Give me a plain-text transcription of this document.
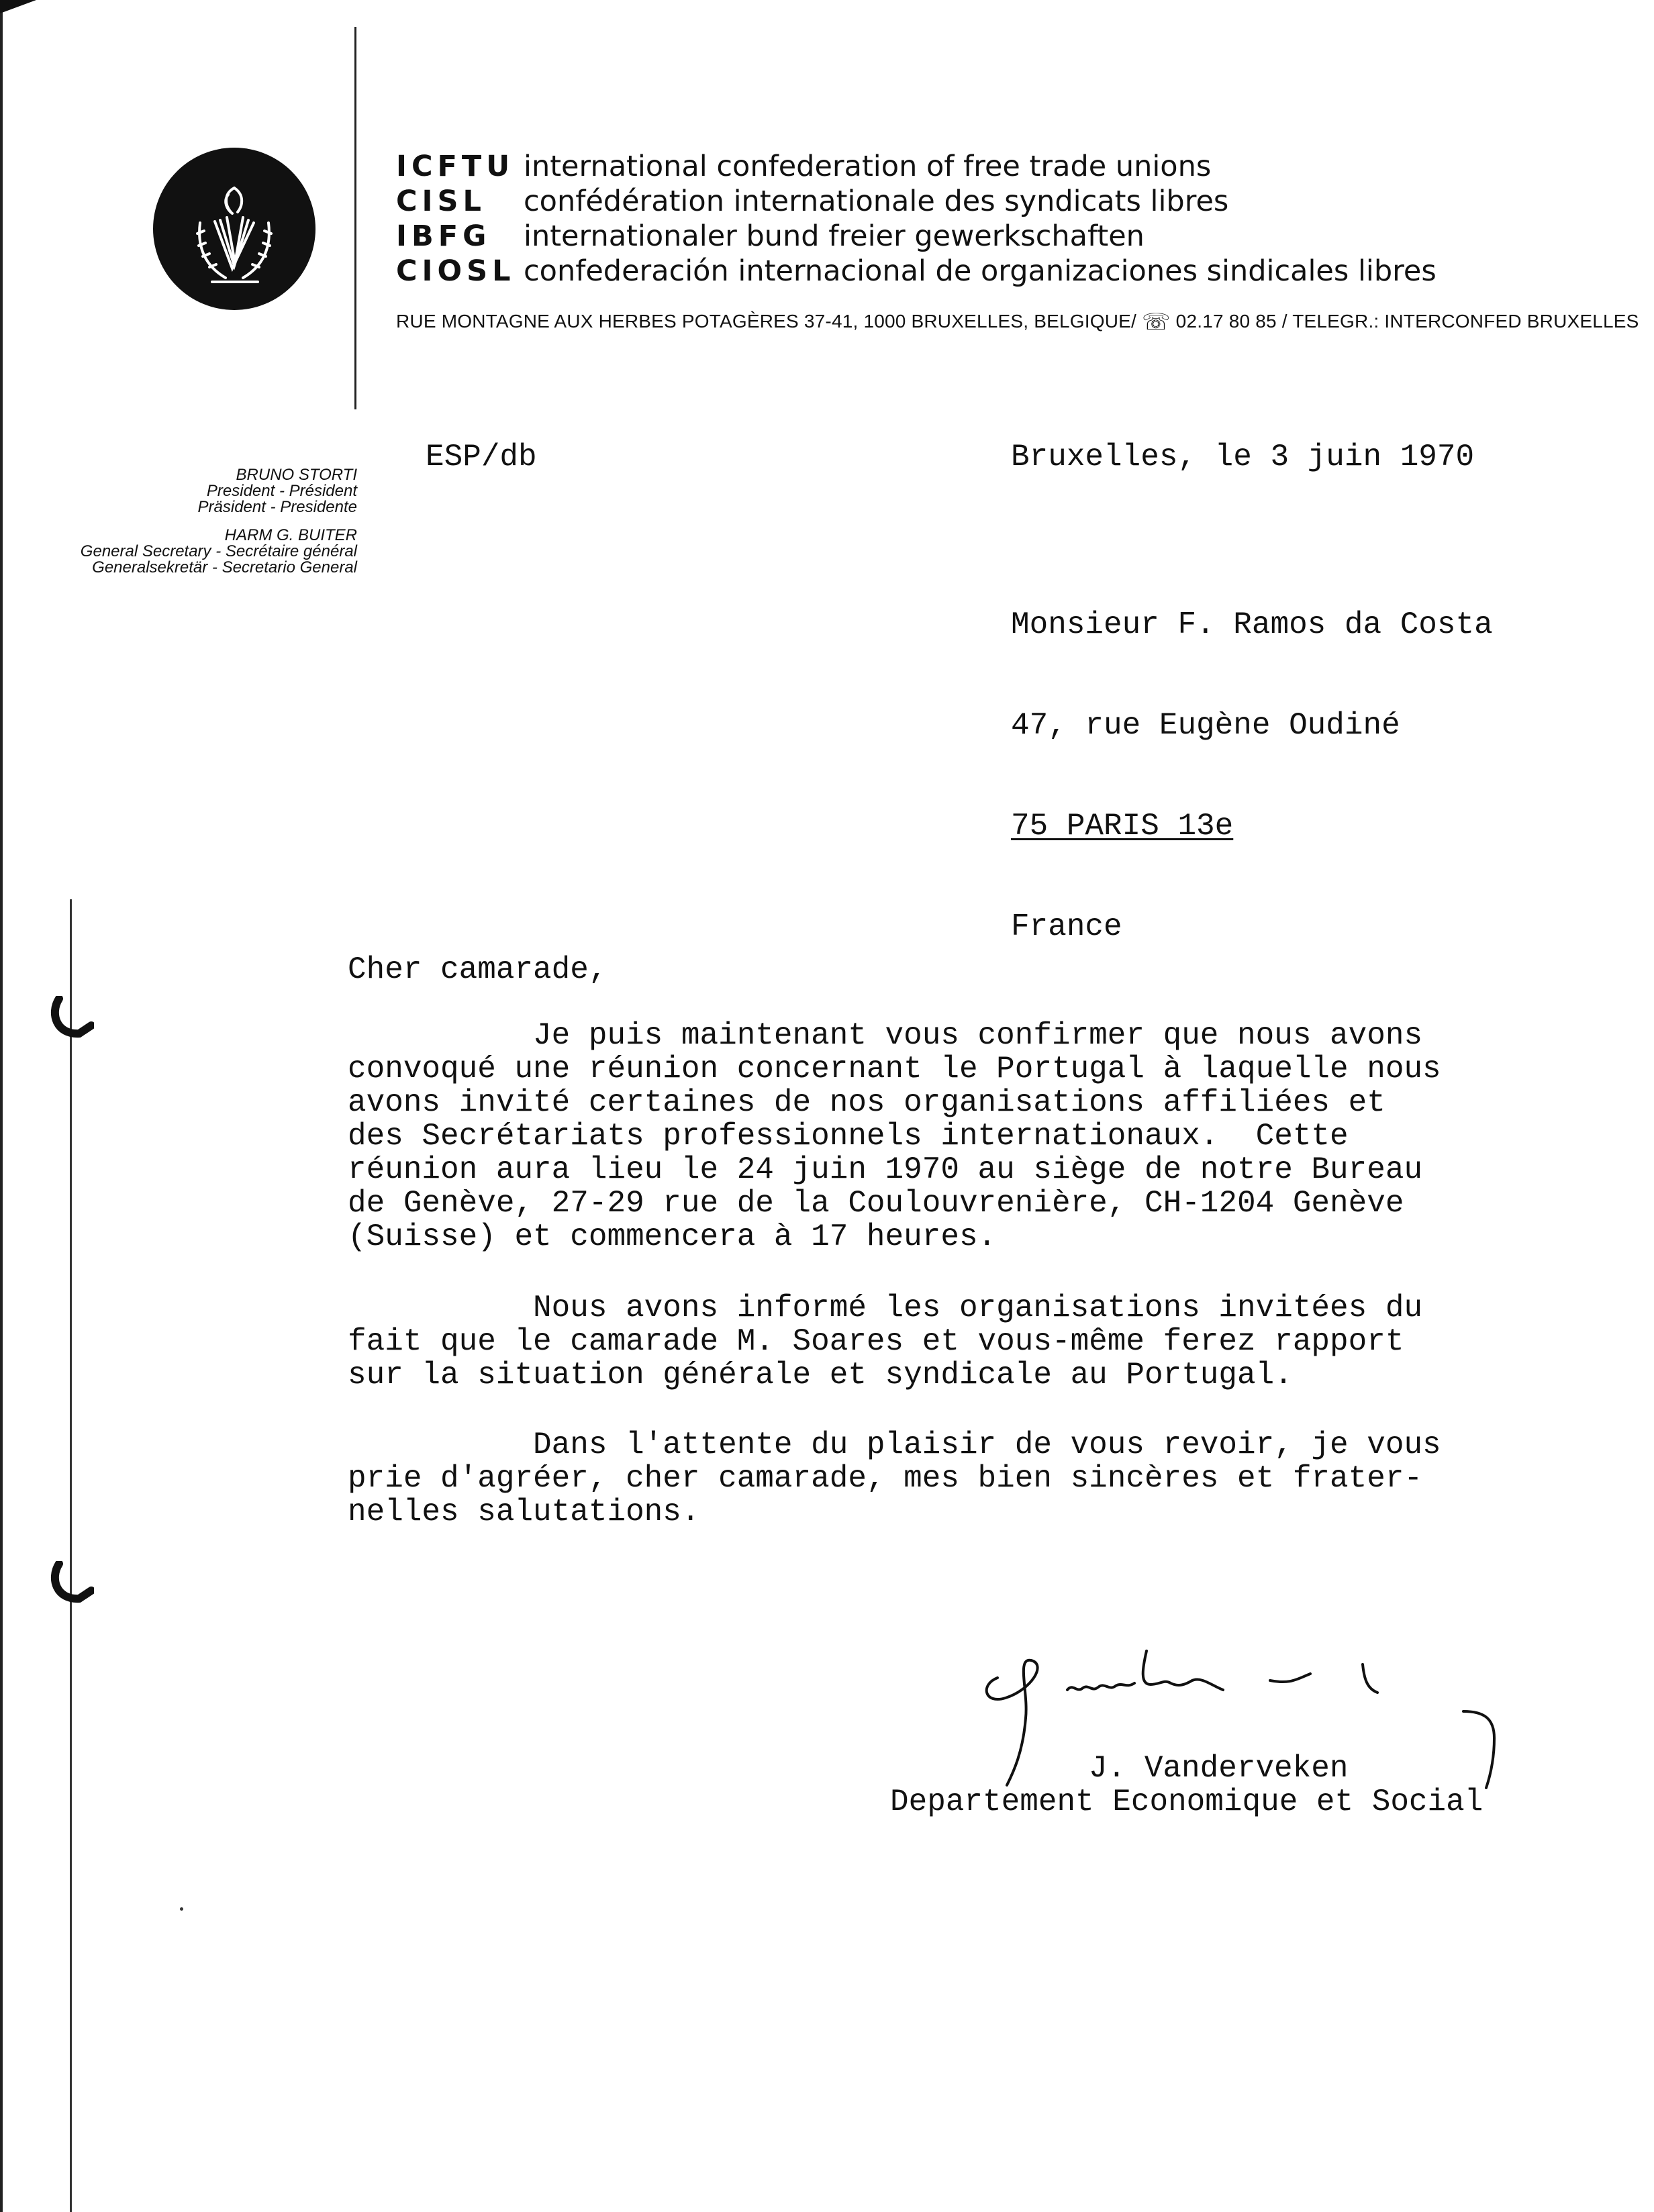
ICFTU international confederation of free trade unions
CISL confédération internationale des syndicats libres
IBFG internationaler bund freier gewerkschaften
CIOSL confederación internacional de organizaciones sindicales libres
RUE MONTAGNE AUX HERBES POTAGÈRES 37-41, 1000 BRUXELLES, BELGIQUE/ ☏ 02.17 80 85 / TELEGR.: INTERCONFED BRUXELLES
BRUNO STORTI
President - Président
Präsident - Presidente
HARM G. BUITER
General Secretary - Secrétaire général
Generalsekretär - Secretario General
ESP/db	Bruxelles, le 3 juin 1970

Monsieur F. Ramos da Costa

47, rue Eugène Oudiné

75 PARIS 13e

France

Cher camarade,
Je puis maintenant vous confirmer que nous avons
convoqué une réunion concernant le Portugal à laquelle nous
avons invité certaines de nos organisations affiliées et
des Secrétariats professionnels internationaux.  Cette
réunion aura lieu le 24 juin 1970 au siège de notre Bureau
de Genève, 27-29 rue de la Coulouvrenière, CH-1204 Genève
(Suisse) et commencera à 17 heures.
Nous avons informé les organisations invitées du
fait que le camarade M. Soares et vous-même ferez rapport
sur la situation générale et syndicale au Portugal.
Dans l'attente du plaisir de vous revoir, je vous
prie d'agréer, cher camarade, mes bien sincères et frater-
nelles salutations.
J. Vanderveken
Departement Economique et Social
